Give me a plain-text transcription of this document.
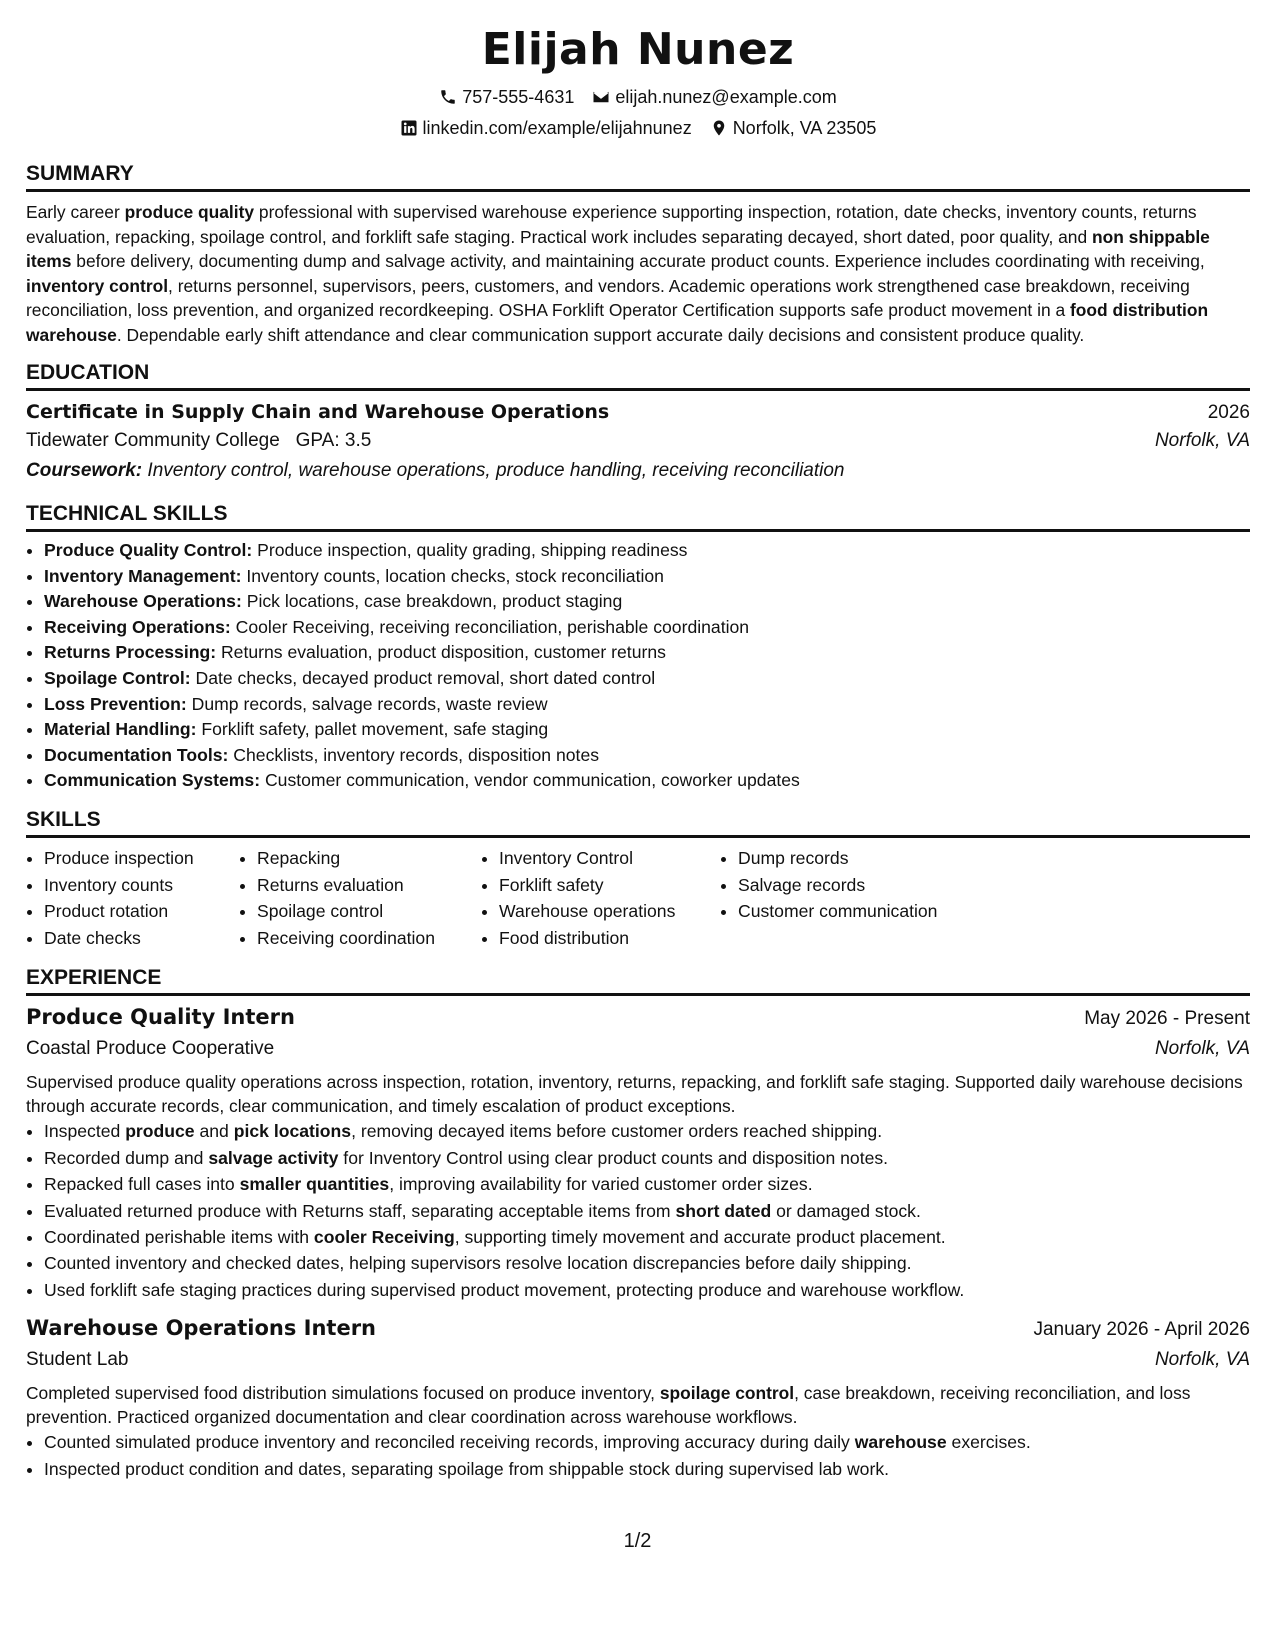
Elijah Nunez
757-555-4631 elijah.nunez@example.com
linkedin.com/example/elijahnunez Norfolk, VA 23505
SUMMARY
Early career produce quality professional with supervised warehouse experience supporting inspection, rotation, date checks, inventory counts, returns evaluation, repacking, spoilage control, and forklift safe staging. Practical work includes separating decayed, short dated, poor quality, and non shippable items before delivery, documenting dump and salvage activity, and maintaining accurate product counts. Experience includes coordinating with receiving, inventory control, returns personnel, supervisors, peers, customers, and vendors. Academic operations work strengthened case breakdown, receiving reconciliation, loss prevention, and organized recordkeeping. OSHA Forklift Operator Certification supports safe product movement in a food distribution warehouse. Dependable early shift attendance and clear communication support accurate daily decisions and consistent produce quality.
EDUCATION
Certificate in Supply Chain and Warehouse Operations	2026
Tidewater Community College GPA: 3.5	Norfolk, VA
Coursework: Inventory control, warehouse operations, produce handling, receiving reconciliation
TECHNICAL SKILLS
• Produce Quality Control: Produce inspection, quality grading, shipping readiness
• Inventory Management: Inventory counts, location checks, stock reconciliation
• Warehouse Operations: Pick locations, case breakdown, product staging
• Receiving Operations: Cooler Receiving, receiving reconciliation, perishable coordination
• Returns Processing: Returns evaluation, product disposition, customer returns
• Spoilage Control: Date checks, decayed product removal, short dated control
• Loss Prevention: Dump records, salvage records, waste review
• Material Handling: Forklift safety, pallet movement, safe staging
• Documentation Tools: Checklists, inventory records, disposition notes
• Communication Systems: Customer communication, vendor communication, coworker updates
SKILLS
• Produce inspection
• Inventory counts
• Product rotation
• Date checks
• Repacking
• Returns evaluation
• Spoilage control
• Receiving coordination
• Inventory Control
• Forklift safety
• Warehouse operations
• Food distribution
• Dump records
• Salvage records
• Customer communication
EXPERIENCE
Produce Quality Intern	May 2026 - Present
Coastal Produce Cooperative	Norfolk, VA
Supervised produce quality operations across inspection, rotation, inventory, returns, repacking, and forklift safe staging. Supported daily warehouse decisions through accurate records, clear communication, and timely escalation of product exceptions.
• Inspected produce and pick locations, removing decayed items before customer orders reached shipping.
• Recorded dump and salvage activity for Inventory Control using clear product counts and disposition notes.
• Repacked full cases into smaller quantities, improving availability for varied customer order sizes.
• Evaluated returned produce with Returns staff, separating acceptable items from short dated or damaged stock.
• Coordinated perishable items with cooler Receiving, supporting timely movement and accurate product placement.
• Counted inventory and checked dates, helping supervisors resolve location discrepancies before daily shipping.
• Used forklift safe staging practices during supervised product movement, protecting produce and warehouse workflow.
Warehouse Operations Intern	January 2026 - April 2026
Student Lab	Norfolk, VA
Completed supervised food distribution simulations focused on produce inventory, spoilage control, case breakdown, receiving reconciliation, and loss prevention. Practiced organized documentation and clear coordination across warehouse workflows.
• Counted simulated produce inventory and reconciled receiving records, improving accuracy during daily warehouse exercises.
• Inspected product condition and dates, separating spoilage from shippable stock during supervised lab work.
1/2
